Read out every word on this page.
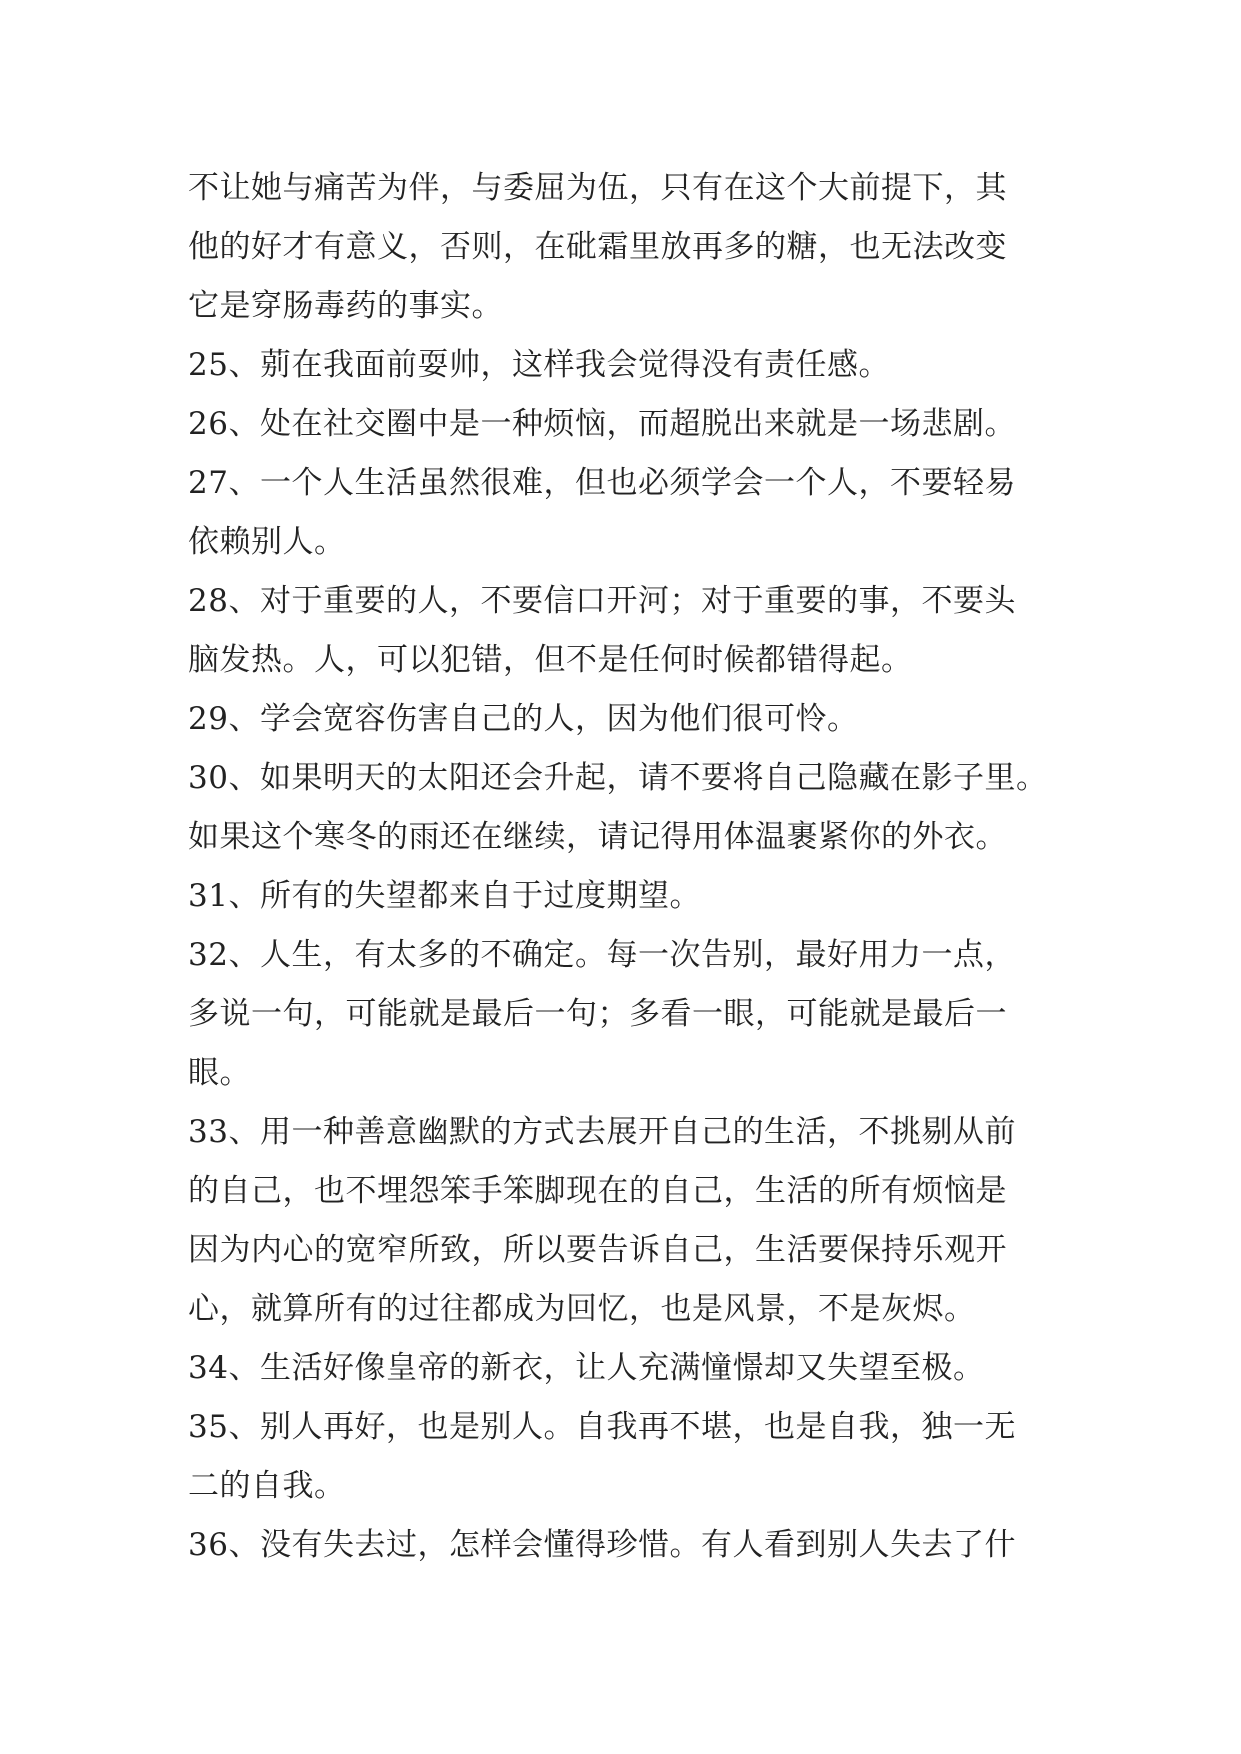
不让她与痛苦为伴，与委屈为伍，只有在这个大前提下，其
他的好才有意义，否则，在砒霜里放再多的糖，也无法改变
它是穿肠毒药的事实。

25、莂在我面前耍帅，这样我会觉得没有责任感。

26、处在社交圈中是一种烦恼，而超脱出来就是一场悲剧。

27、一个人生活虽然很难，但也必须学会一个人，不要轻易
依赖别人。

28、对于重要的人，不要信口开河；对于重要的事，不要头
脑发热。人，可以犯错，但不是任何时候都错得起。

29、学会宽容伤害自己的人，因为他们很可怜。

30、如果明天的太阳还会升起，请不要将自己隐藏在影子里。
如果这个寒冬的雨还在继续，请记得用体温裹紧你的外衣。

31、所有的失望都来自于过度期望。

32、人生，有太多的不确定。每一次告别，最好用力一点，
多说一句，可能就是最后一句；多看一眼，可能就是最后一
眼。

33、用一种善意幽默的方式去展开自己的生活，不挑剔从前
的自己，也不埋怨笨手笨脚现在的自己，生活的所有烦恼是
因为内心的宽窄所致，所以要告诉自己，生活要保持乐观开
心，就算所有的过往都成为回忆，也是风景，不是灰烬。

34、生活好像皇帝的新衣，让人充满憧憬却又失望至极。

35、别人再好，也是别人。自我再不堪，也是自我，独一无
二的自我。

36、没有失去过，怎样会懂得珍惜。有人看到别人失去了什
